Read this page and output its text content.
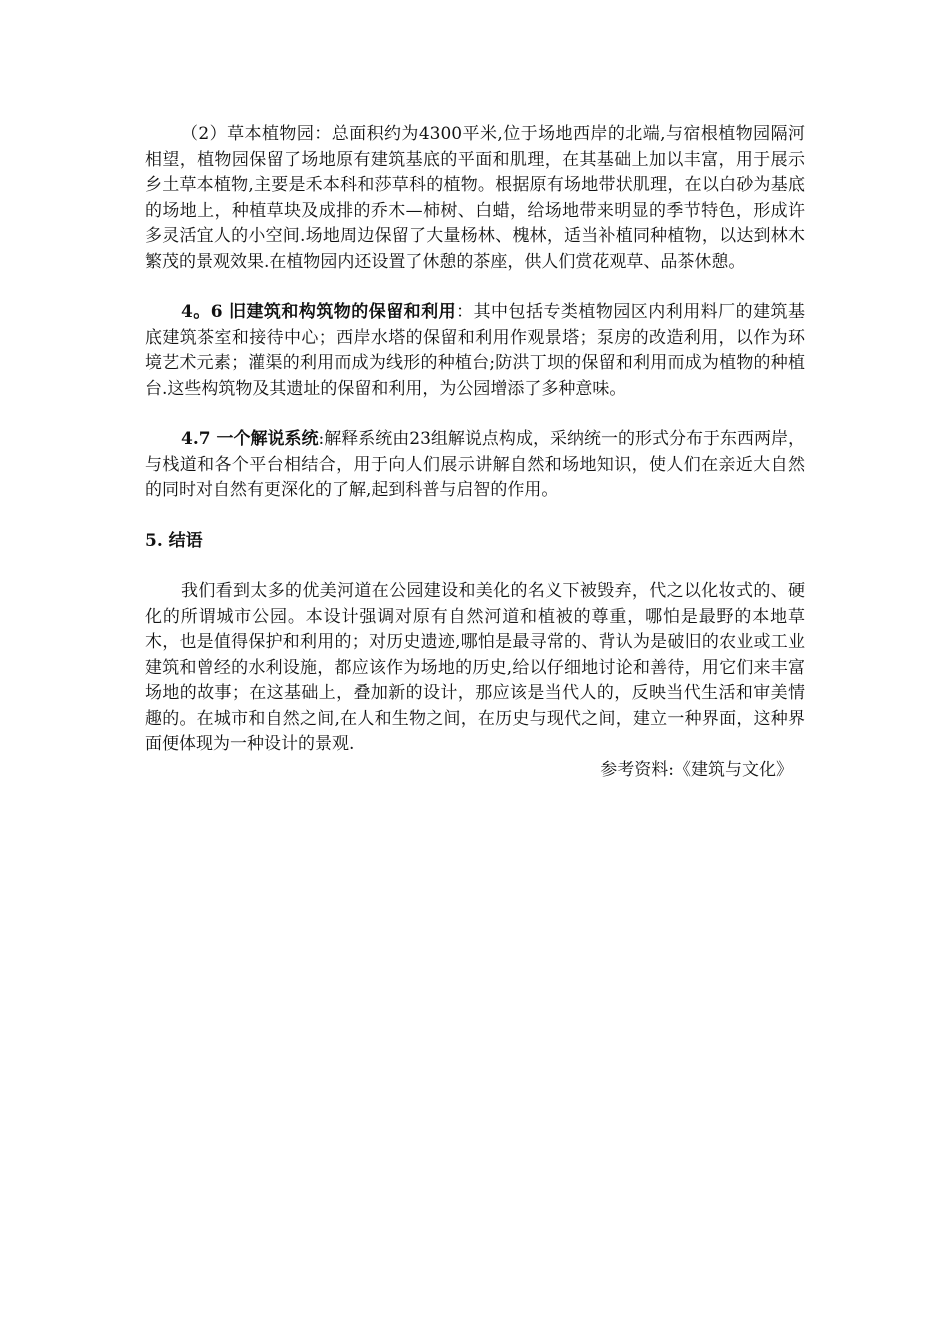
（2）草本植物园：总面积约为4300平米,位于场地西岸的北端,与宿根植物园隔河相望，植物园保留了场地原有建筑基底的平面和肌理，在其基础上加以丰富，用于展示乡土草本植物,主要是禾本科和莎草科的植物。根据原有场地带状肌理，在以白砂为基底的场地上，种植草块及成排的乔木—柿树、白蜡，给场地带来明显的季节特色，形成许多灵活宜人的小空间.场地周边保留了大量杨林、槐林，适当补植同种植物，以达到林木繁茂的景观效果.在植物园内还设置了休憩的茶座，供人们赏花观草、品茶休憩。

4。6 旧建筑和构筑物的保留和利用：其中包括专类植物园区内利用料厂的建筑基底建筑茶室和接待中心；西岸水塔的保留和利用作观景塔；泵房的改造利用，以作为环境艺术元素；灌渠的利用而成为线形的种植台;防洪丁坝的保留和利用而成为植物的种植台.这些构筑物及其遗址的保留和利用，为公园增添了多种意味。

4.7 一个解说系统:解释系统由23组解说点构成，采纳统一的形式分布于东西两岸，与栈道和各个平台相结合，用于向人们展示讲解自然和场地知识，使人们在亲近大自然的同时对自然有更深化的了解,起到科普与启智的作用。

5. 结语

我们看到太多的优美河道在公园建设和美化的名义下被毁弃，代之以化妆式的、硬化的所谓城市公园。本设计强调对原有自然河道和植被的尊重，哪怕是最野的本地草木，也是值得保护和利用的；对历史遗迹,哪怕是最寻常的、背认为是破旧的农业或工业建筑和曾经的水利设施，都应该作为场地的历史,给以仔细地讨论和善待，用它们来丰富场地的故事；在这基础上，叠加新的设计，那应该是当代人的，反映当代生活和审美情趣的。在城市和自然之间,在人和生物之间，在历史与现代之间，建立一种界面，这种界面便体现为一种设计的景观.

参考资料:《建筑与文化》
